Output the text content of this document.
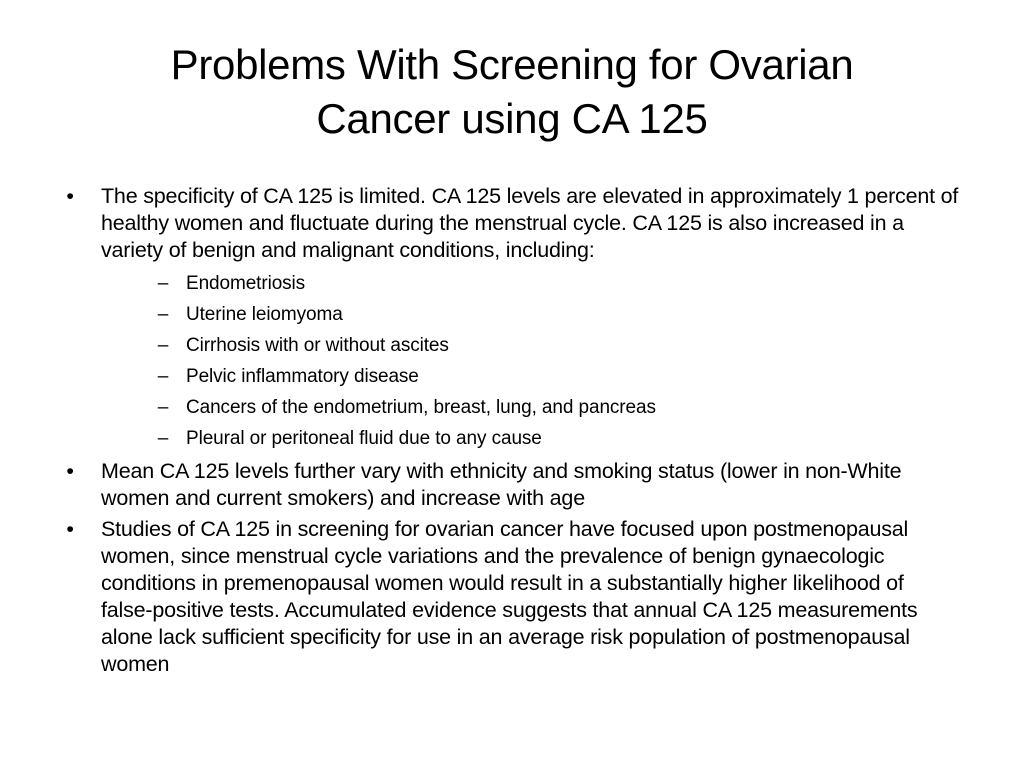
Problems With Screening for Ovarian
Cancer using CA 125
• The specificity of CA 125 is limited. CA 125 levels are elevated in approximately 1 percent of healthy women and fluctuate during the menstrual cycle. CA 125 is also increased in a variety of benign and malignant conditions, including:
– Endometriosis
– Uterine leiomyoma
– Cirrhosis with or without ascites
– Pelvic inflammatory disease
– Cancers of the endometrium, breast, lung, and pancreas
– Pleural or peritoneal fluid due to any cause
• Mean CA 125 levels further vary with ethnicity and smoking status (lower in non-White women and current smokers) and increase with age
• Studies of CA 125 in screening for ovarian cancer have focused upon postmenopausal women, since menstrual cycle variations and the prevalence of benign gynaecologic conditions in premenopausal women would result in a substantially higher likelihood of false-positive tests. Accumulated evidence suggests that annual CA 125 measurements alone lack sufficient specificity for use in an average risk population of postmenopausal women
